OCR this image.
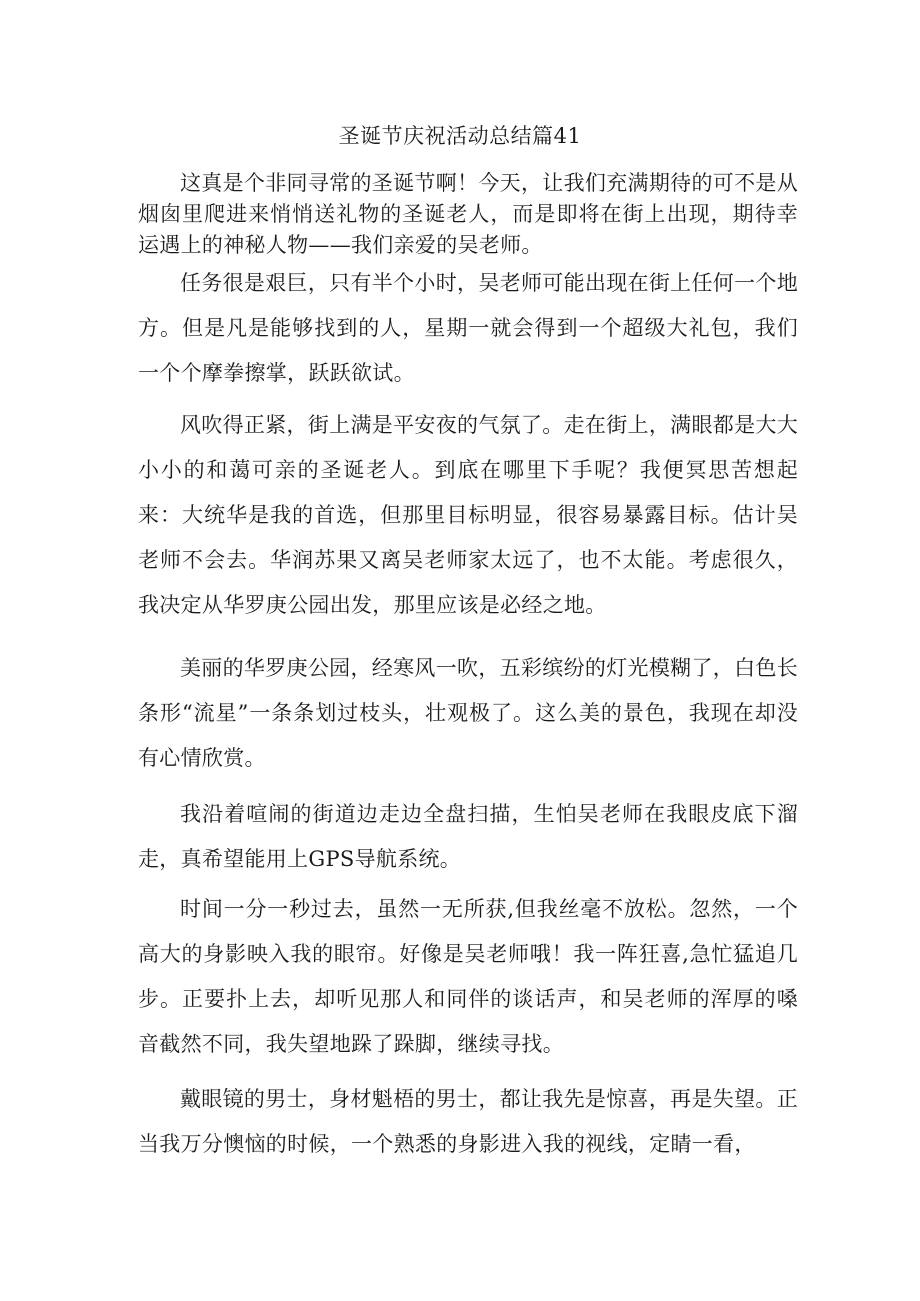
圣诞节庆祝活动总结篇41

这真是个非同寻常的圣诞节啊！今天，让我们充满期待的可不是从烟囱里爬进来悄悄送礼物的圣诞老人，而是即将在街上出现，期待幸运遇上的神秘人物——我们亲爱的吴老师。

任务很是艰巨，只有半个小时，吴老师可能出现在街上任何一个地方。但是凡是能够找到的人，星期一就会得到一个超级大礼包，我们一个个摩拳擦掌，跃跃欲试。

风吹得正紧，街上满是平安夜的气氛了。走在街上，满眼都是大大小小的和蔼可亲的圣诞老人。到底在哪里下手呢？我便冥思苦想起来：大统华是我的首选，但那里目标明显，很容易暴露目标。估计吴老师不会去。华润苏果又离吴老师家太远了，也不太能。考虑很久，我决定从华罗庚公园出发，那里应该是必经之地。

美丽的华罗庚公园，经寒风一吹，五彩缤纷的灯光模糊了，白色长条形“流星”一条条划过枝头，壮观极了。这么美的景色，我现在却没有心情欣赏。

我沿着喧闹的街道边走边全盘扫描，生怕吴老师在我眼皮底下溜走，真希望能用上GPS导航系统。

时间一分一秒过去，虽然一无所获,但我丝毫不放松。忽然，一个高大的身影映入我的眼帘。好像是吴老师哦！我一阵狂喜,急忙猛追几步。正要扑上去，却听见那人和同伴的谈话声，和吴老师的浑厚的嗓音截然不同，我失望地跺了跺脚，继续寻找。

戴眼镜的男士，身材魁梧的男士，都让我先是惊喜，再是失望。正当我万分懊恼的时候，一个熟悉的身影进入我的视线，定睛一看，
